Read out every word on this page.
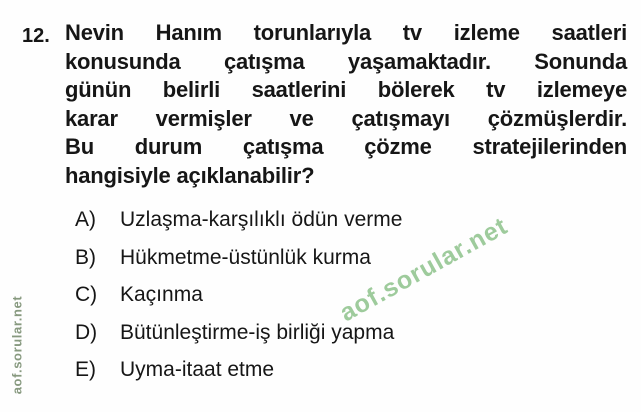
aof.sorular.net
aof.sorular.net
12. Nevin Hanım torunlarıyla tv izleme saatleri
konusunda çatışma yaşamaktadır. Sonunda
günün belirli saatlerini bölerek tv izlemeye
karar vermişler ve çatışmayı çözmüşlerdir.
Bu durum çatışma çözme stratejilerinden
hangisiyle açıklanabilir?
A)	Uzlaşma-karşılıklı ödün verme
B)	Hükmetme-üstünlük kurma
C)	Kaçınma
D)	Bütünleştirme-iş birliği yapma
E)	Uyma-itaat etme
